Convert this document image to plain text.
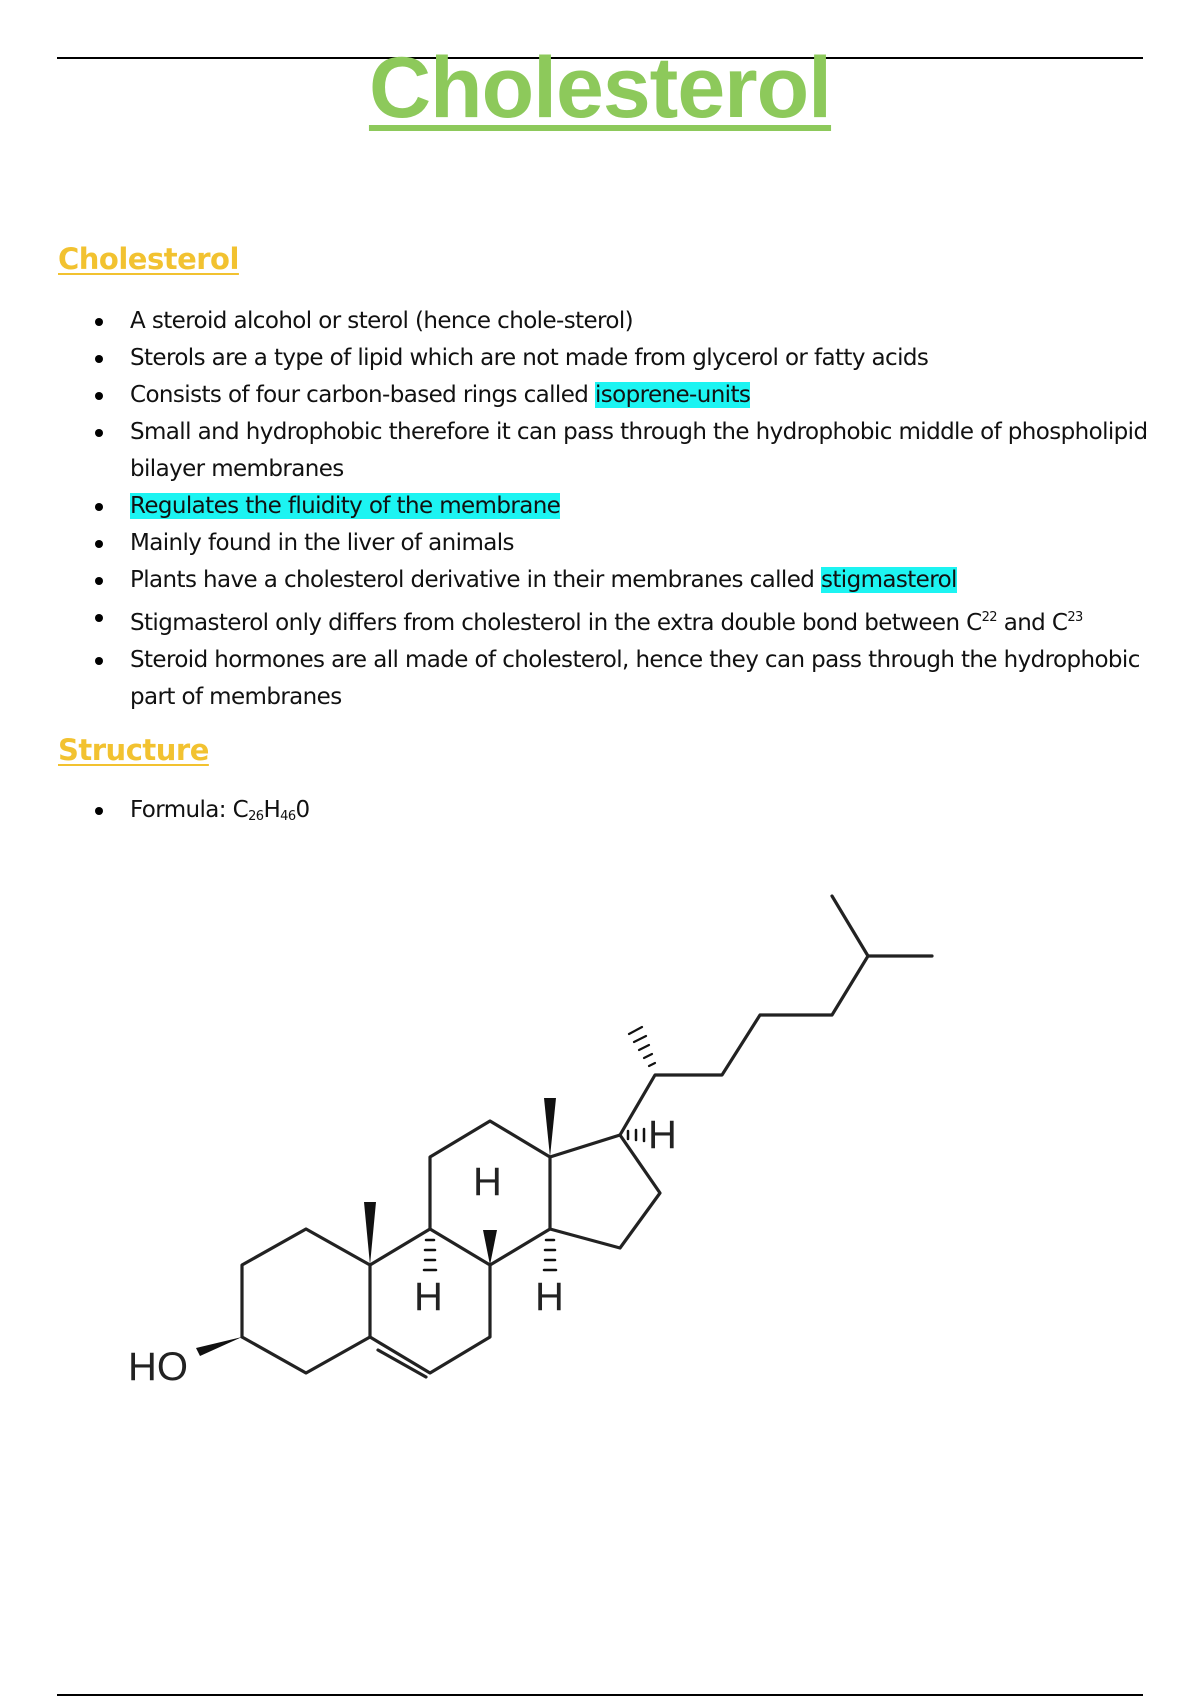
Cholesterol
Cholesterol
A steroid alcohol or sterol (hence chole-sterol)
Sterols are a type of lipid which are not made from glycerol or fatty acids
Consists of four carbon-based rings called isoprene-units
Small and hydrophobic therefore it can pass through the hydrophobic middle of phospholipid bilayer membranes
Regulates the fluidity of the membrane
Mainly found in the liver of animals
Plants have a cholesterol derivative in their membranes called stigmasterol
Stigmasterol only differs from cholesterol in the extra double bond between $C^{22}$ and $C^{23}$
Steroid hormones are all made of cholesterol, hence they can pass through the hydrophobic part of membranes
Structure
Formula: $C_{26}H_{46}0$
HO
H
H H
H
